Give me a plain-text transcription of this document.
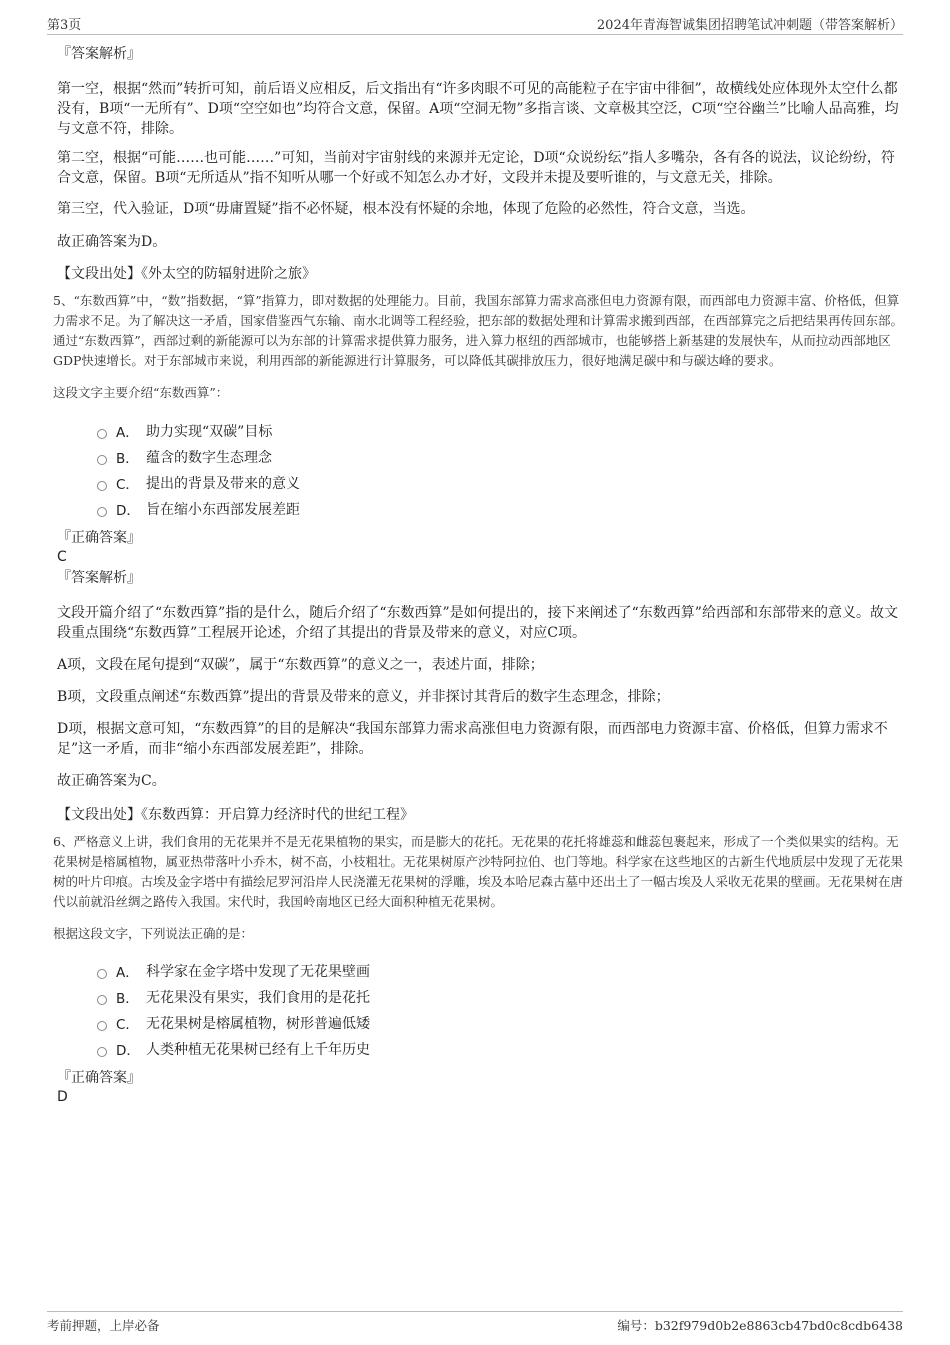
第3页	2024年青海智诚集团招聘笔试冲刺题（带答案解析）

『答案解析』

第一空，根据“然而”转折可知，前后语义应相反，后文指出有“许多肉眼不可见的高能粒子在宇宙中徘徊”，故横线处应体现外太空什么都没有，B项“一无所有”、D项“空空如也”均符合文意，保留。A项“空洞无物”多指言谈、文章极其空泛，C项“空谷幽兰”比喻人品高雅，均与文意不符，排除。

第二空，根据“可能……也可能……”可知，当前对宇宙射线的来源并无定论，D项“众说纷纭”指人多嘴杂，各有各的说法，议论纷纷，符合文意，保留。B项“无所适从”指不知听从哪一个好或不知怎么办才好，文段并未提及要听谁的，与文意无关，排除。

第三空，代入验证，D项“毋庸置疑”指不必怀疑，根本没有怀疑的余地，体现了危险的必然性，符合文意，当选。

故正确答案为D。

【文段出处】《外太空的防辐射进阶之旅》

5、“东数西算”中，“数”指数据，“算”指算力，即对数据的处理能力。目前，我国东部算力需求高涨但电力资源有限，而西部电力资源丰富、价格低，但算力需求不足。为了解决这一矛盾，国家借鉴西气东输、南水北调等工程经验，把东部的数据处理和计算需求搬到西部，在西部算完之后把结果再传回东部。通过“东数西算”，西部过剩的新能源可以为东部的计算需求提供算力服务，进入算力枢纽的西部城市，也能够搭上新基建的发展快车，从而拉动西部地区GDP快速增长。对于东部城市来说，利用西部的新能源进行计算服务，可以降低其碳排放压力，很好地满足碳中和与碳达峰的要求。

这段文字主要介绍“东数西算”：

A． 助力实现“双碳”目标
B． 蕴含的数字生态理念
C． 提出的背景及带来的意义
D． 旨在缩小东西部发展差距

『正确答案』

C

『答案解析』

文段开篇介绍了“东数西算”指的是什么，随后介绍了“东数西算”是如何提出的，接下来阐述了“东数西算”给西部和东部带来的意义。故文段重点围绕“东数西算”工程展开论述，介绍了其提出的背景及带来的意义，对应C项。

A项，文段在尾句提到“双碳”，属于“东数西算”的意义之一，表述片面，排除；

B项，文段重点阐述“东数西算”提出的背景及带来的意义，并非探讨其背后的数字生态理念，排除；

D项，根据文意可知，“东数西算”的目的是解决“我国东部算力需求高涨但电力资源有限，而西部电力资源丰富、价格低，但算力需求不足”这一矛盾，而非“缩小东西部发展差距”，排除。

故正确答案为C。

【文段出处】《东数西算：开启算力经济时代的世纪工程》

6、严格意义上讲，我们食用的无花果并不是无花果植物的果实，而是膨大的花托。无花果的花托将雄蕊和雌蕊包裹起来，形成了一个类似果实的结构。无花果树是榕属植物，属亚热带落叶小乔木，树不高，小枝粗壮。无花果树原产沙特阿拉伯、也门等地。科学家在这些地区的古新生代地质层中发现了无花果树的叶片印痕。古埃及金字塔中有描绘尼罗河沿岸人民浇灌无花果树的浮雕，埃及本哈尼森古墓中还出土了一幅古埃及人采收无花果的壁画。无花果树在唐代以前就沿丝绸之路传入我国。宋代时，我国岭南地区已经大面积种植无花果树。

根据这段文字，下列说法正确的是：

A． 科学家在金字塔中发现了无花果壁画
B． 无花果没有果实，我们食用的是花托
C． 无花果树是榕属植物，树形普遍低矮
D． 人类种植无花果树已经有上千年历史

『正确答案』

D

考前押题，上岸必备	编号：b32f979d0b2e8863cb47bd0c8cdb6438
